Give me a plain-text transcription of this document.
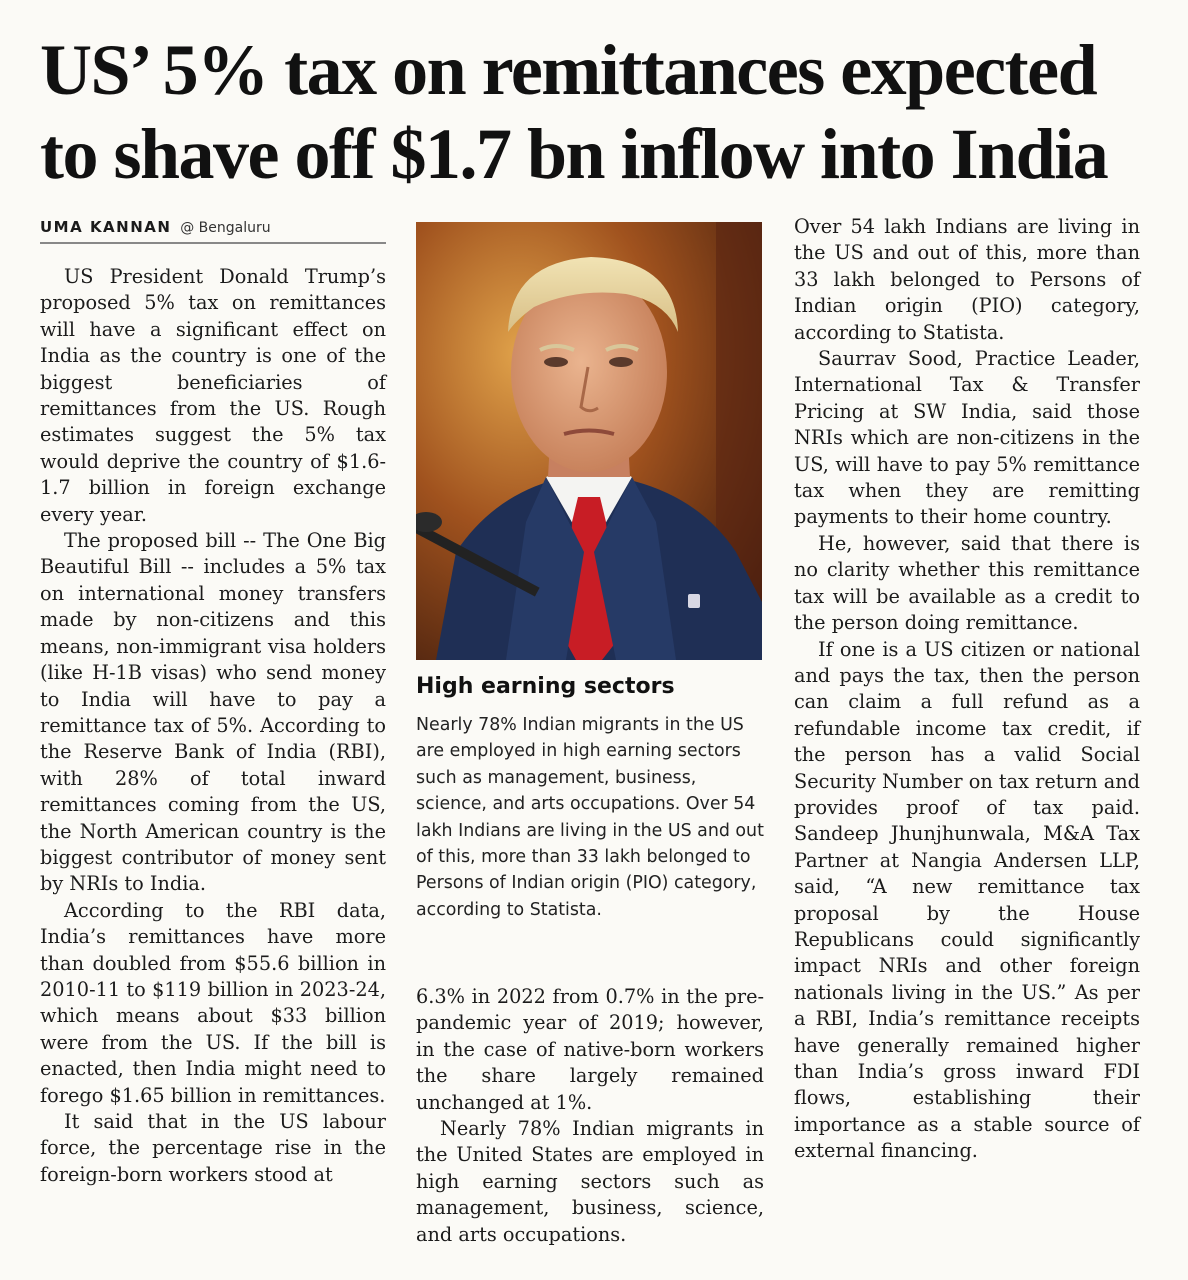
US’ 5% tax on remittances expected
to shave off $1.7 bn inflow into India
UMA KANNAN @ Bengaluru

US President Donald Trump’s proposed 5% tax on remittances will have a significant effect on India as the country is one of the biggest beneficiaries of remittances from the US. Rough estimates suggest the 5% tax would deprive the country of $1.6-1.7 billion in foreign exchange every year.

The proposed bill -- The One Big Beautiful Bill -- includes a 5% tax on international money transfers made by non-citizens and this means, non-immigrant visa holders (like H-1B visas) who send money to India will have to pay a remittance tax of 5%. According to the Reserve Bank of India (RBI), with 28% of total inward remittances coming from the US, the North American country is the biggest contributor of money sent by NRIs to India.

According to the RBI data, India’s remittances have more than doubled from $55.6 billion in 2010-11 to $119 billion in 2023-24, which means about $33 billion were from the US. If the bill is enacted, then India might need to forego $1.65 billion in remittances.

It said that in the US labour force, the percentage rise in the foreign-born workers stood at

High earning sectors

Nearly 78% Indian migrants in the US are employed in high earning sectors such as management, business, science, and arts occupations. Over 54 lakh Indians are living in the US and out of this, more than 33 lakh belonged to Persons of Indian origin (PIO) category, according to Statista.

6.3% in 2022 from 0.7% in the pre-pandemic year of 2019; however, in the case of native-born workers the share largely remained unchanged at 1%.

Nearly 78% Indian migrants in the United States are employed in high earning sectors such as management, business, science, and arts occupations.

Over 54 lakh Indians are living in the US and out of this, more than 33 lakh belonged to Persons of Indian origin (PIO) category, according to Statista.

Saurrav Sood, Practice Leader, International Tax & Transfer Pricing at SW India, said those NRIs which are non-citizens in the US, will have to pay 5% remittance tax when they are remitting payments to their home country.

He, however, said that there is no clarity whether this remittance tax will be available as a credit to the person doing remittance.

If one is a US citizen or national and pays the tax, then the person can claim a full refund as a refundable income tax credit, if the person has a valid Social Security Number on tax return and provides proof of tax paid. Sandeep Jhunjhunwala, M&A Tax Partner at Nangia Andersen LLP, said, “A new remittance tax proposal by the House Republicans could significantly impact NRIs and other foreign nationals living in the US.” As per a RBI, India’s remittance receipts have generally remained higher than India’s gross inward FDI flows, establishing their importance as a stable source of external financing.
